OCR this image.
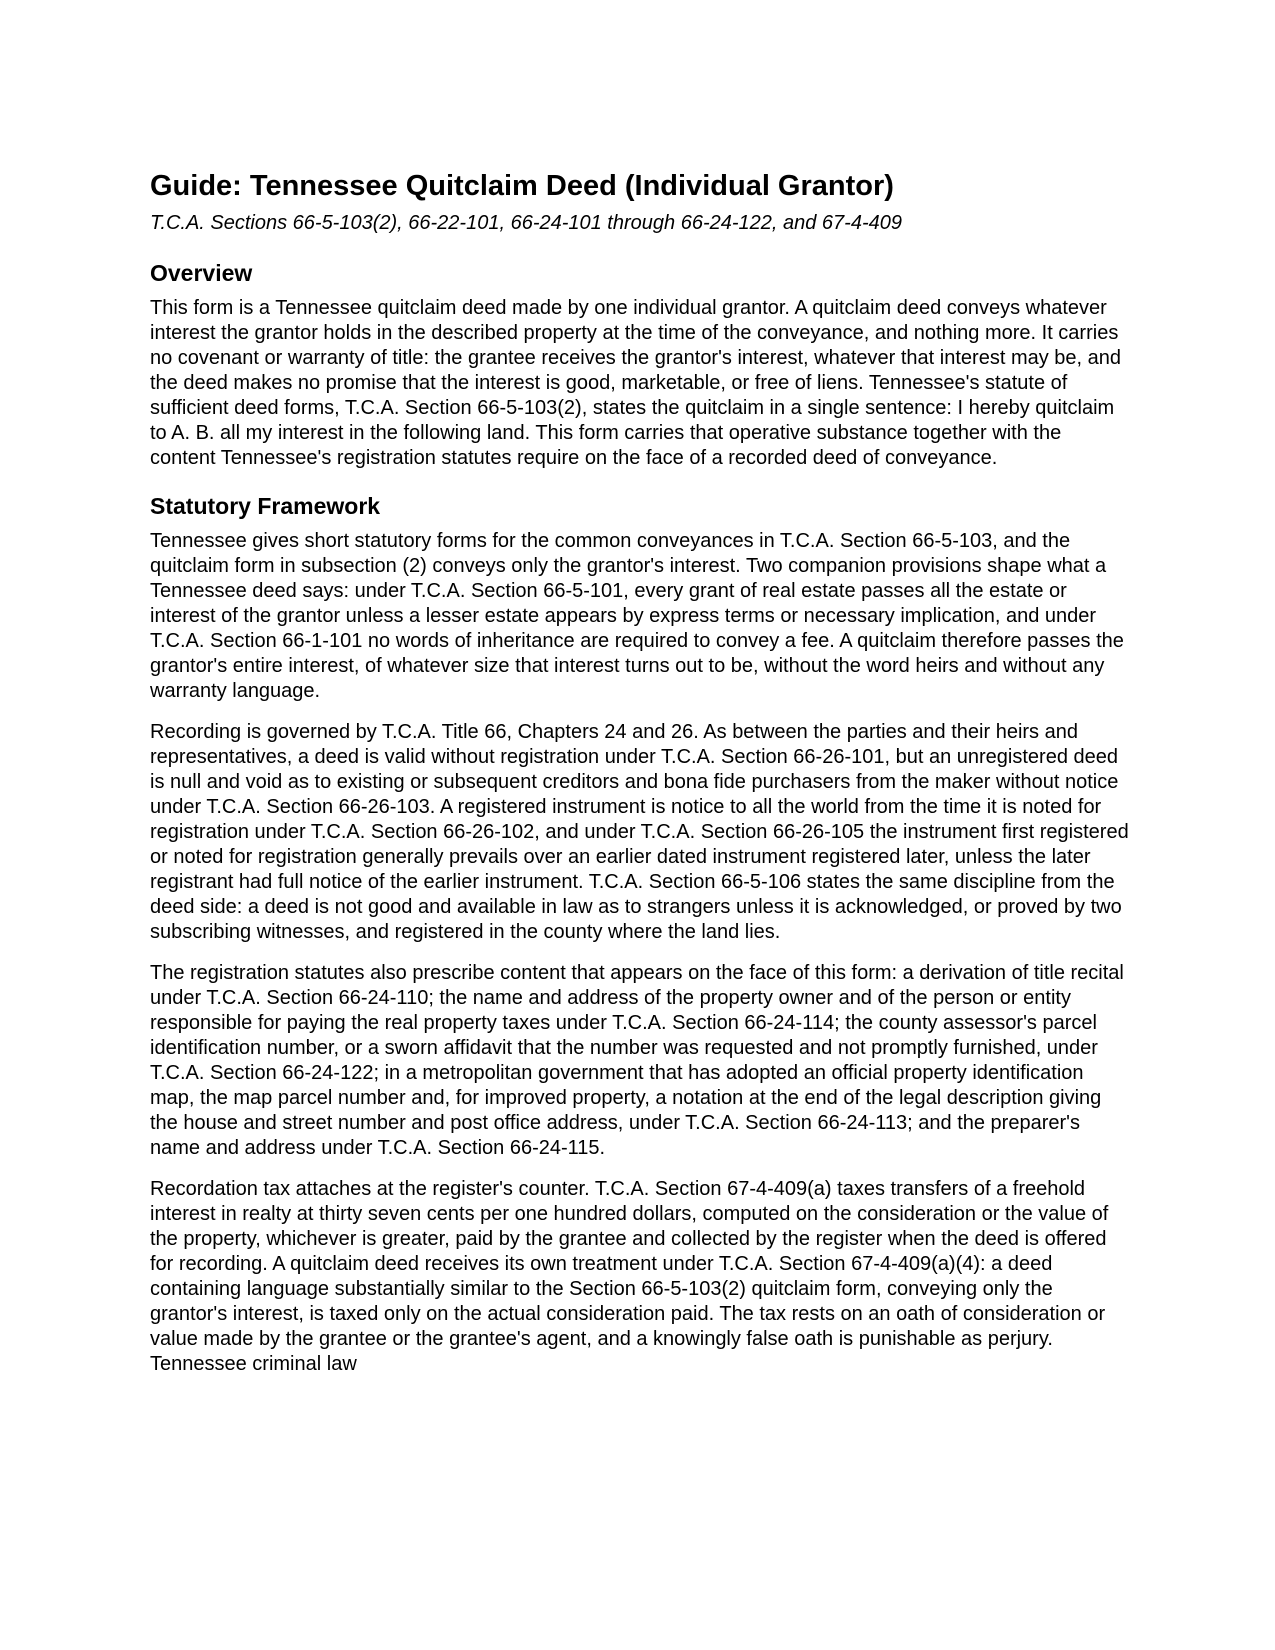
Guide: Tennessee Quitclaim Deed (Individual Grantor)
T.C.A. Sections 66-5-103(2), 66-22-101, 66-24-101 through 66-24-122, and 67-4-409
Overview

This form is a Tennessee quitclaim deed made by one individual grantor. A quitclaim deed conveys whatever interest the grantor holds in the described property at the time of the conveyance, and nothing more. It carries no covenant or warranty of title: the grantee receives the grantor's interest, whatever that interest may be, and the deed makes no promise that the interest is good, marketable, or free of liens. Tennessee's statute of sufficient deed forms, T.C.A. Section 66-5-103(2), states the quitclaim in a single sentence: I hereby quitclaim to A. B. all my interest in the following land. This form carries that operative substance together with the content Tennessee's registration statutes require on the face of a recorded deed of conveyance.

Statutory Framework

Tennessee gives short statutory forms for the common conveyances in T.C.A. Section 66-5-103, and the quitclaim form in subsection (2) conveys only the grantor's interest. Two companion provisions shape what a Tennessee deed says: under T.C.A. Section 66-5-101, every grant of real estate passes all the estate or interest of the grantor unless a lesser estate appears by express terms or necessary implication, and under T.C.A. Section 66-1-101 no words of inheritance are required to convey a fee. A quitclaim therefore passes the grantor's entire interest, of whatever size that interest turns out to be, without the word heirs and without any warranty language.

Recording is governed by T.C.A. Title 66, Chapters 24 and 26. As between the parties and their heirs and representatives, a deed is valid without registration under T.C.A. Section 66-26-101, but an unregistered deed is null and void as to existing or subsequent creditors and bona fide purchasers from the maker without notice under T.C.A. Section 66-26-103. A registered instrument is notice to all the world from the time it is noted for registration under T.C.A. Section 66-26-102, and under T.C.A. Section 66-26-105 the instrument first registered or noted for registration generally prevails over an earlier dated instrument registered later, unless the later registrant had full notice of the earlier instrument. T.C.A. Section 66-5-106 states the same discipline from the deed side: a deed is not good and available in law as to strangers unless it is acknowledged, or proved by two subscribing witnesses, and registered in the county where the land lies.

The registration statutes also prescribe content that appears on the face of this form: a derivation of title recital under T.C.A. Section 66-24-110; the name and address of the property owner and of the person or entity responsible for paying the real property taxes under T.C.A. Section 66-24-114; the county assessor's parcel identification number, or a sworn affidavit that the number was requested and not promptly furnished, under T.C.A. Section 66-24-122; in a metropolitan government that has adopted an official property identification map, the map parcel number and, for improved property, a notation at the end of the legal description giving the house and street number and post office address, under T.C.A. Section 66-24-113; and the preparer's name and address under T.C.A. Section 66-24-115.

Recordation tax attaches at the register's counter. T.C.A. Section 67-4-409(a) taxes transfers of a freehold interest in realty at thirty seven cents per one hundred dollars, computed on the consideration or the value of the property, whichever is greater, paid by the grantee and collected by the register when the deed is offered for recording. A quitclaim deed receives its own treatment under T.C.A. Section 67-4-409(a)(4): a deed containing language substantially similar to the Section 66-5-103(2) quitclaim form, conveying only the grantor's interest, is taxed only on the actual consideration paid. The tax rests on an oath of consideration or value made by the grantee or the grantee's agent, and a knowingly false oath is punishable as perjury. Tennessee criminal law
